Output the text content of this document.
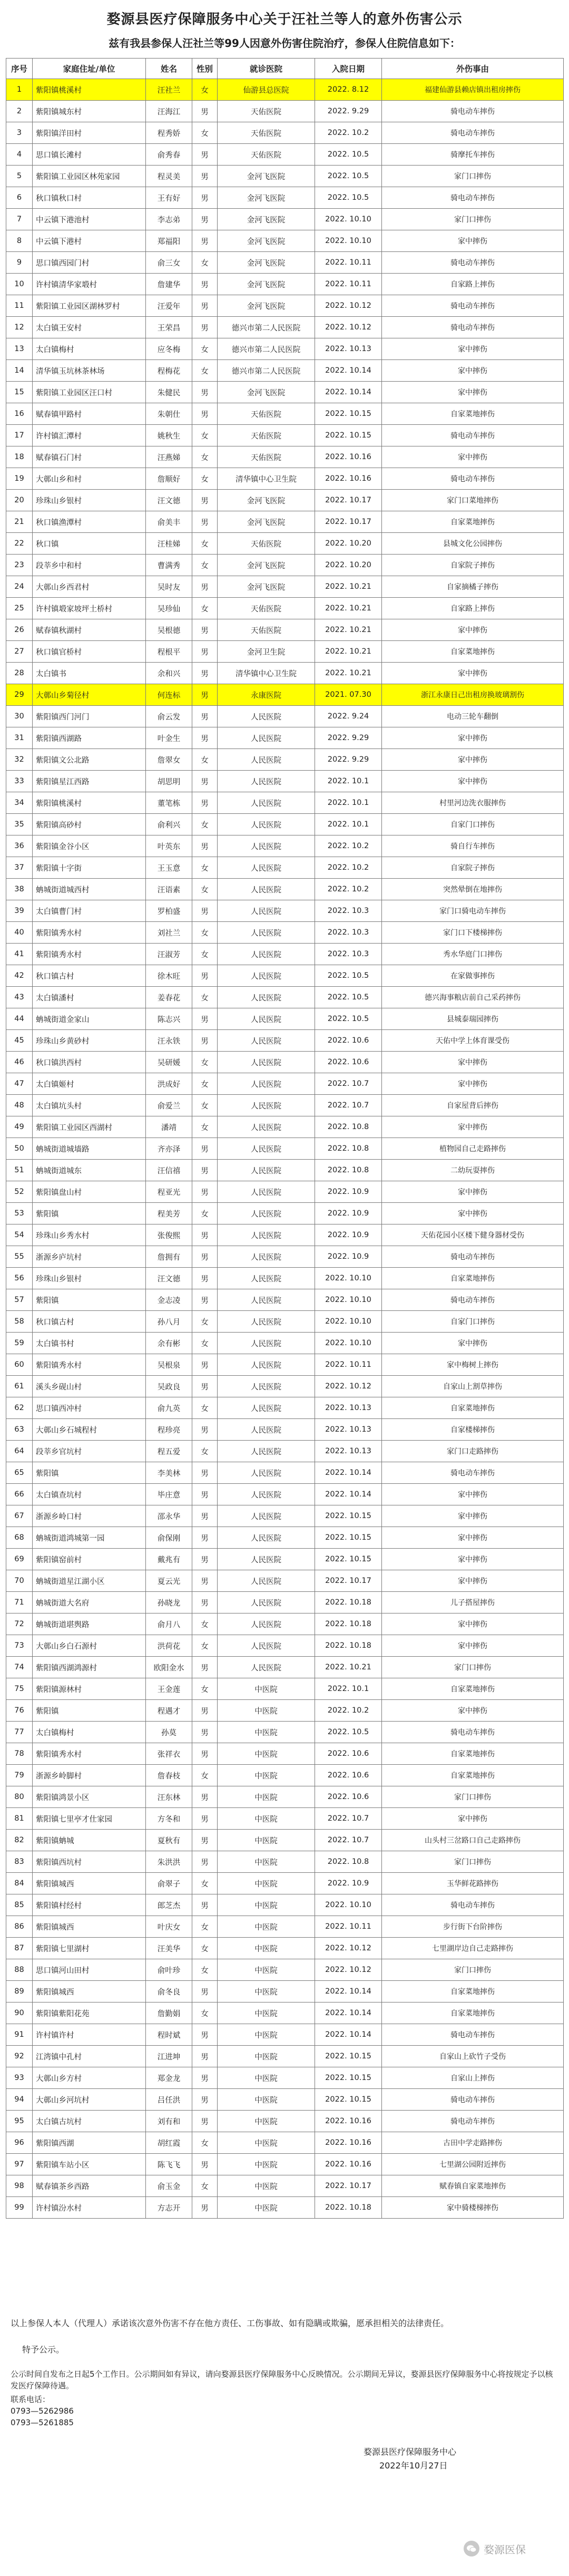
婺源县医疗保障服务中心关于汪社兰等人的意外伤害公示
兹有我县参保人汪社兰等99人因意外伤害住院治疗，参保人住院信息如下：
序号	家庭住址/单位	姓名	性别	就诊医院	入院日期	外伤事由
1	紫阳镇桃溪村	汪社兰	女	仙游县总医院	2022. 8.12	福建仙游县赖店镇出租房摔伤
2	紫阳镇城东村	汪海江	男	天佑医院	2022. 9.29	骑电动车摔伤
3	紫阳镇洋田村	程秀娇	女	天佑医院	2022. 10.2	骑电动车摔伤
4	思口镇长滩村	俞秀春	男	天佑医院	2022. 10.5	骑摩托车摔伤
5	紫阳镇工业园区林苑家园	程灵美	男	金河飞医院	2022. 10.5	家门口摔伤
6	秋口镇秋口村	王有好	男	金河飞医院	2022. 10.5	骑电动车摔伤
7	中云镇下港池村	李志弟	男	金河飞医院	2022. 10.10	家门口摔伤
8	中云镇下港村	郑福阳	男	金河飞医院	2022. 10.10	家中摔伤
9	思口镇西园门村	俞三女	女	金河飞医院	2022. 10.11	骑电动车摔伤
10	许村镇清华家塅村	詹建华	男	金河飞医院	2022. 10.11	自家路上摔伤
11	紫阳镇工业园区湖林罗村	汪爱年	男	金河飞医院	2022. 10.12	骑电动车摔伤
12	太白镇王安村	王荣昌	男	德兴市第二人民医院	2022. 10.12	骑电动车摔伤
13	太白镇梅村	应冬梅	女	德兴市第二人民医院	2022. 10.13	家中摔伤
14	清华镇玉坑林茶林场	程梅花	女	德兴市第二人民医院	2022. 10.14	家中摔伤
15	紫阳镇工业园区汪口村	朱健民	男	金河飞医院	2022. 10.14	家中摔伤
16	赋春镇甲路村	朱朝仕	男	天佑医院	2022. 10.15	自家菜地摔伤
17	许村镇汇潭村	姚秋生	女	天佑医院	2022. 10.15	骑电动车摔伤
18	赋春镇石门村	汪燕娣	女	天佑医院	2022. 10.16	家中摔伤
19	大鄣山乡和村	詹顺好	女	清华镇中心卫生院	2022. 10.16	骑电动车摔伤
20	珍珠山乡银村	汪文德	男	金河飞医院	2022. 10.17	家门口菜地摔伤
21	秋口镇渔潭村	俞美丰	男	金河飞医院	2022. 10.17	自家菜地摔伤
22	秋口镇	汪桂娣	女	天佑医院	2022. 10.20	县城文化公园摔伤
23	段莘乡中和村	曹满秀	女	金河飞医院	2022. 10.20	自家院子摔伤
24	大鄣山乡西君村	吴时友	男	金河飞医院	2022. 10.21	自家摘橘子摔伤
25	许村镇塅家坡坪土桥村	吴珍仙	女	天佑医院	2022. 10.21	自家路上摔伤
26	赋春镇秋湖村	吴根德	男	天佑医院	2022. 10.21	家中摔伤
27	秋口镇官桥村	程根平	男	金河卫生院	2022. 10.21	自家菜地摔伤
28	太白镇书	余和兴	男	清华镇中心卫生院	2022. 10.21	家中摔伤
29	大鄣山乡菊径村	何连标	男	永康医院	2021. 07.30	浙江永康日己出租房换玻璃割伤
30	紫阳镇西门河门	俞云发	男	人民医院	2022. 9.24	电动三轮车翻倒
31	紫阳镇西湖路	叶金生	男	人民医院	2022. 9.29	家中摔伤
32	紫阳镇文公北路	詹翠女	女	人民医院	2022. 9.29	家中摔伤
33	紫阳镇星江西路	胡思明	男	人民医院	2022. 10.1	家中摔伤
34	紫阳镇桃溪村	董笔栋	男	人民医院	2022. 10.1	村里河边洗衣服摔伤
35	紫阳镇高砂村	俞利兴	女	人民医院	2022. 10.1	自家门口摔伤
36	紫阳镇金谷小区	叶英东	男	人民医院	2022. 10.2	骑自行车摔伤
37	紫阳镇十字街	王玉意	女	人民医院	2022. 10.2	自家院子摔伤
38	蚺城街道城西村	汪语素	女	人民医院	2022. 10.2	突然晕倒在地摔伤
39	太白镇曹门村	罗柏盛	男	人民医院	2022. 10.3	家门口骑电动车摔伤
40	紫阳镇秀水村	刘社兰	女	人民医院	2022. 10.3	家门口下楼梯摔伤
41	紫阳镇秀水村	汪淑芳	女	人民医院	2022. 10.3	秀水华庭门口摔伤
42	秋口镇古村	徐木旺	男	人民医院	2022. 10.5	在家做事摔伤
43	太白镇潘村	姜春花	女	人民医院	2022. 10.5	德兴海事粮店前自己采药摔伤
44	蚺城街道金家山	陈志兴	男	人民医院	2022. 10.5	县城泰瑞园摔伤
45	珍珠山乡黄砂村	汪永铁	男	人民医院	2022. 10.6	天佑中学上体育课受伤
46	秋口镇洪西村	吴研媛	女	人民医院	2022. 10.6	家中摔伤
47	太白镇姬村	洪成好	女	人民医院	2022. 10.7	家中摔伤
48	太白镇坑头村	俞爱兰	女	人民医院	2022. 10.7	自家屋背后摔伤
49	紫阳镇工业园区西湖村	潘靖	女	人民医院	2022. 10.8	家中摔伤
50	蚺城街道城墙路	齐亦泽	男	人民医院	2022. 10.8	植物园自己走路摔伤
51	蚺城街道城东	汪信禧	男	人民医院	2022. 10.8	二幼玩耍摔伤
52	紫阳镇盘山村	程亚光	男	人民医院	2022. 10.9	家中摔伤
53	紫阳镇	程美芳	女	人民医院	2022. 10.9	家中摔伤
54	珍珠山乡秀水村	张俊熙	男	人民医院	2022. 10.9	天佑花园小区楼下健身器材受伤
55	浙源乡庐坑村	詹拥有	男	人民医院	2022. 10.9	骑电动车摔伤
56	珍珠山乡银村	汪文德	男	人民医院	2022. 10.10	自家菜地摔伤
57	紫阳镇	金志凌	男	人民医院	2022. 10.10	骑电动车摔伤
58	秋口镇古村	孙八月	女	人民医院	2022. 10.10	自家门口摔伤
59	太白镇书村	余有彬	女	人民医院	2022. 10.10	家中摔伤
60	紫阳镇秀水村	吴根泉	男	人民医院	2022. 10.11	家中梅树上摔伤
61	溪头乡砚山村	吴政良	男	人民医院	2022. 10.12	自家山上割草摔伤
62	思口镇西冲村	俞九英	女	人民医院	2022. 10.13	自家菜地摔伤
63	大鄣山乡石城程村	程珍亮	男	人民医院	2022. 10.13	自家楼梯摔伤
64	段莘乡官坑村	程五爱	女	人民医院	2022. 10.13	家门口走路摔伤
65	紫阳镇	李美林	男	人民医院	2022. 10.14	骑电动车摔伤
66	太白镇查坑村	毕庄意	男	人民医院	2022. 10.14	家中摔伤
67	浙源乡岭口村	邵永华	男	人民医院	2022. 10.15	家中摔伤
68	蚺城街道鸿城第一园	俞保刚	男	人民医院	2022. 10.15	家中摔伤
69	紫阳镇窑前村	戴兆有	男	人民医院	2022. 10.15	家中摔伤
70	蚺城街道星江湖小区	夏云光	男	人民医院	2022. 10.17	家中摔伤
71	蚺城街道大名府	孙晓龙	男	人民医院	2022. 10.18	儿子搭屋摔伤
72	蚺城街道堪舆路	俞月八	女	人民医院	2022. 10.18	家中摔伤
73	大鄣山乡白石源村	洪荷花	女	人民医院	2022. 10.18	家中摔伤
74	紫阳镇西湖鸿源村	欧阳金水	男	人民医院	2022. 10.21	家门口摔伤
75	紫阳镇源林村	王金莲	女	中医院	2022. 10.1	自家菜地摔伤
76	紫阳镇	程遇才	男	中医院	2022. 10.2	家中摔伤
77	太白镇梅村	孙莫	男	中医院	2022. 10.5	骑电动车摔伤
78	紫阳镇秀水村	张祥衣	男	中医院	2022. 10.6	自家菜地摔伤
79	浙源乡岭脚村	詹春枝	女	中医院	2022. 10.6	自家菜地摔伤
80	紫阳镇鸿景小区	汪东林	男	中医院	2022. 10.6	家门口摔伤
81	紫阳镇七里亭才仕家园	方冬和	男	中医院	2022. 10.7	家中摔伤
82	紫阳镇蚺城	夏秋有	男	中医院	2022. 10.7	山头村三岔路口自己走路摔伤
83	紫阳镇西坑村	朱洪洪	男	中医院	2022. 10.8	家门口摔伤
84	紫阳镇城西	俞翠子	女	中医院	2022. 10.9	玉华鲜花路摔伤
85	紫阳镇村经村	郎芝杰	男	中医院	2022. 10.10	骑电动车摔伤
86	紫阳镇城西	叶庆女	女	中医院	2022. 10.11	步行街下台阶摔伤
87	紫阳镇七里湖村	汪美华	女	中医院	2022. 10.12	七里湖岸边自己走路摔伤
88	思口镇河山田村	俞叶珍	女	中医院	2022. 10.12	家门口摔伤
89	紫阳镇城西	俞冬良	男	中医院	2022. 10.14	自家菜地摔伤
90	紫阳镇紫阳花苑	詹勤娟	女	中医院	2022. 10.14	自家菜地摔伤
91	许村镇许村	程时斌	男	中医院	2022. 10.14	骑电动车摔伤
92	江湾镇中孔村	江进坤	男	中医院	2022. 10.15	自家山上砍竹子受伤
93	大鄣山乡方村	郑金龙	男	中医院	2022. 10.15	自家山上摔伤
94	大鄣山乡河坑村	吕任洪	男	中医院	2022. 10.15	骑电动车摔伤
95	太白镇古坑村	刘有和	男	中医院	2022. 10.16	骑电动车摔伤
96	紫阳镇西湖	胡红霞	女	中医院	2022. 10.16	古田中学走路摔伤
97	紫阳镇车站小区	陈飞飞	男	中医院	2022. 10.16	七里湖公园附近摔伤
98	赋春镇茶乡西路	俞玉金	女	中医院	2022. 10.17	赋春镇自家菜地摔伤
99	许村镇汾水村	方志开	男	中医院	2022. 10.18	家中骑楼梯摔伤
以上参保人本人（代理人）承诺该次意外伤害不存在他方责任、工伤事故、如有隐瞒或欺骗，愿承担相关的法律责任。
特予公示。
公示时间自发布之日起5个工作日。公示期间如有异议，请向婺源县医疗保障服务中心反映情况。公示期间无异议，婺源县医疗保障服务中心将按规定予以核发医疗保障待遇。
联系电话：
0793—5262986
0793—5261885
婺源县医疗保障服务中心
2022年10月27日
婺源医保
